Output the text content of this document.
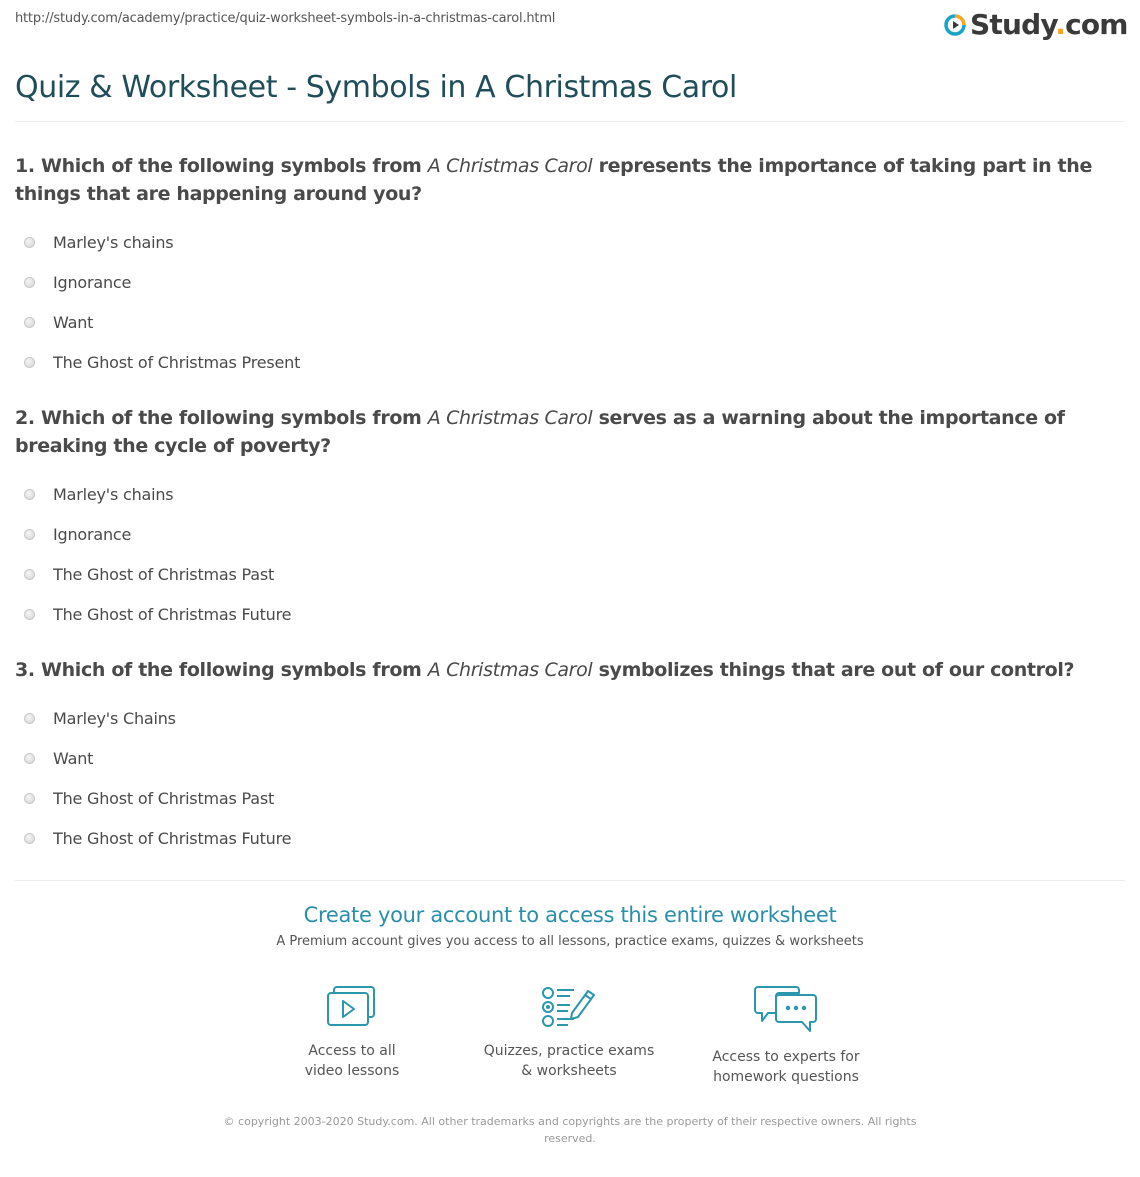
http://study.com/academy/practice/quiz-worksheet-symbols-in-a-christmas-carol.html	Study.com
Quiz & Worksheet - Symbols in A Christmas Carol
1. Which of the following symbols from A Christmas Carol represents the importance of taking part in the things that are happening around you?
Marley's chains
Ignorance
Want
The Ghost of Christmas Present
2. Which of the following symbols from A Christmas Carol serves as a warning about the importance of breaking the cycle of poverty?
Marley's chains
Ignorance
The Ghost of Christmas Past
The Ghost of Christmas Future
3. Which of the following symbols from A Christmas Carol symbolizes things that are out of our control?
Marley's Chains
Want
The Ghost of Christmas Past
The Ghost of Christmas Future
Create your account to access this entire worksheet
A Premium account gives you access to all lessons, practice exams, quizzes & worksheets
Access to all
video lessons
Quizzes, practice exams
& worksheets
Access to experts for
homework questions
© copyright 2003-2020 Study.com. All other trademarks and copyrights are the property of their respective owners. All rights
reserved.
